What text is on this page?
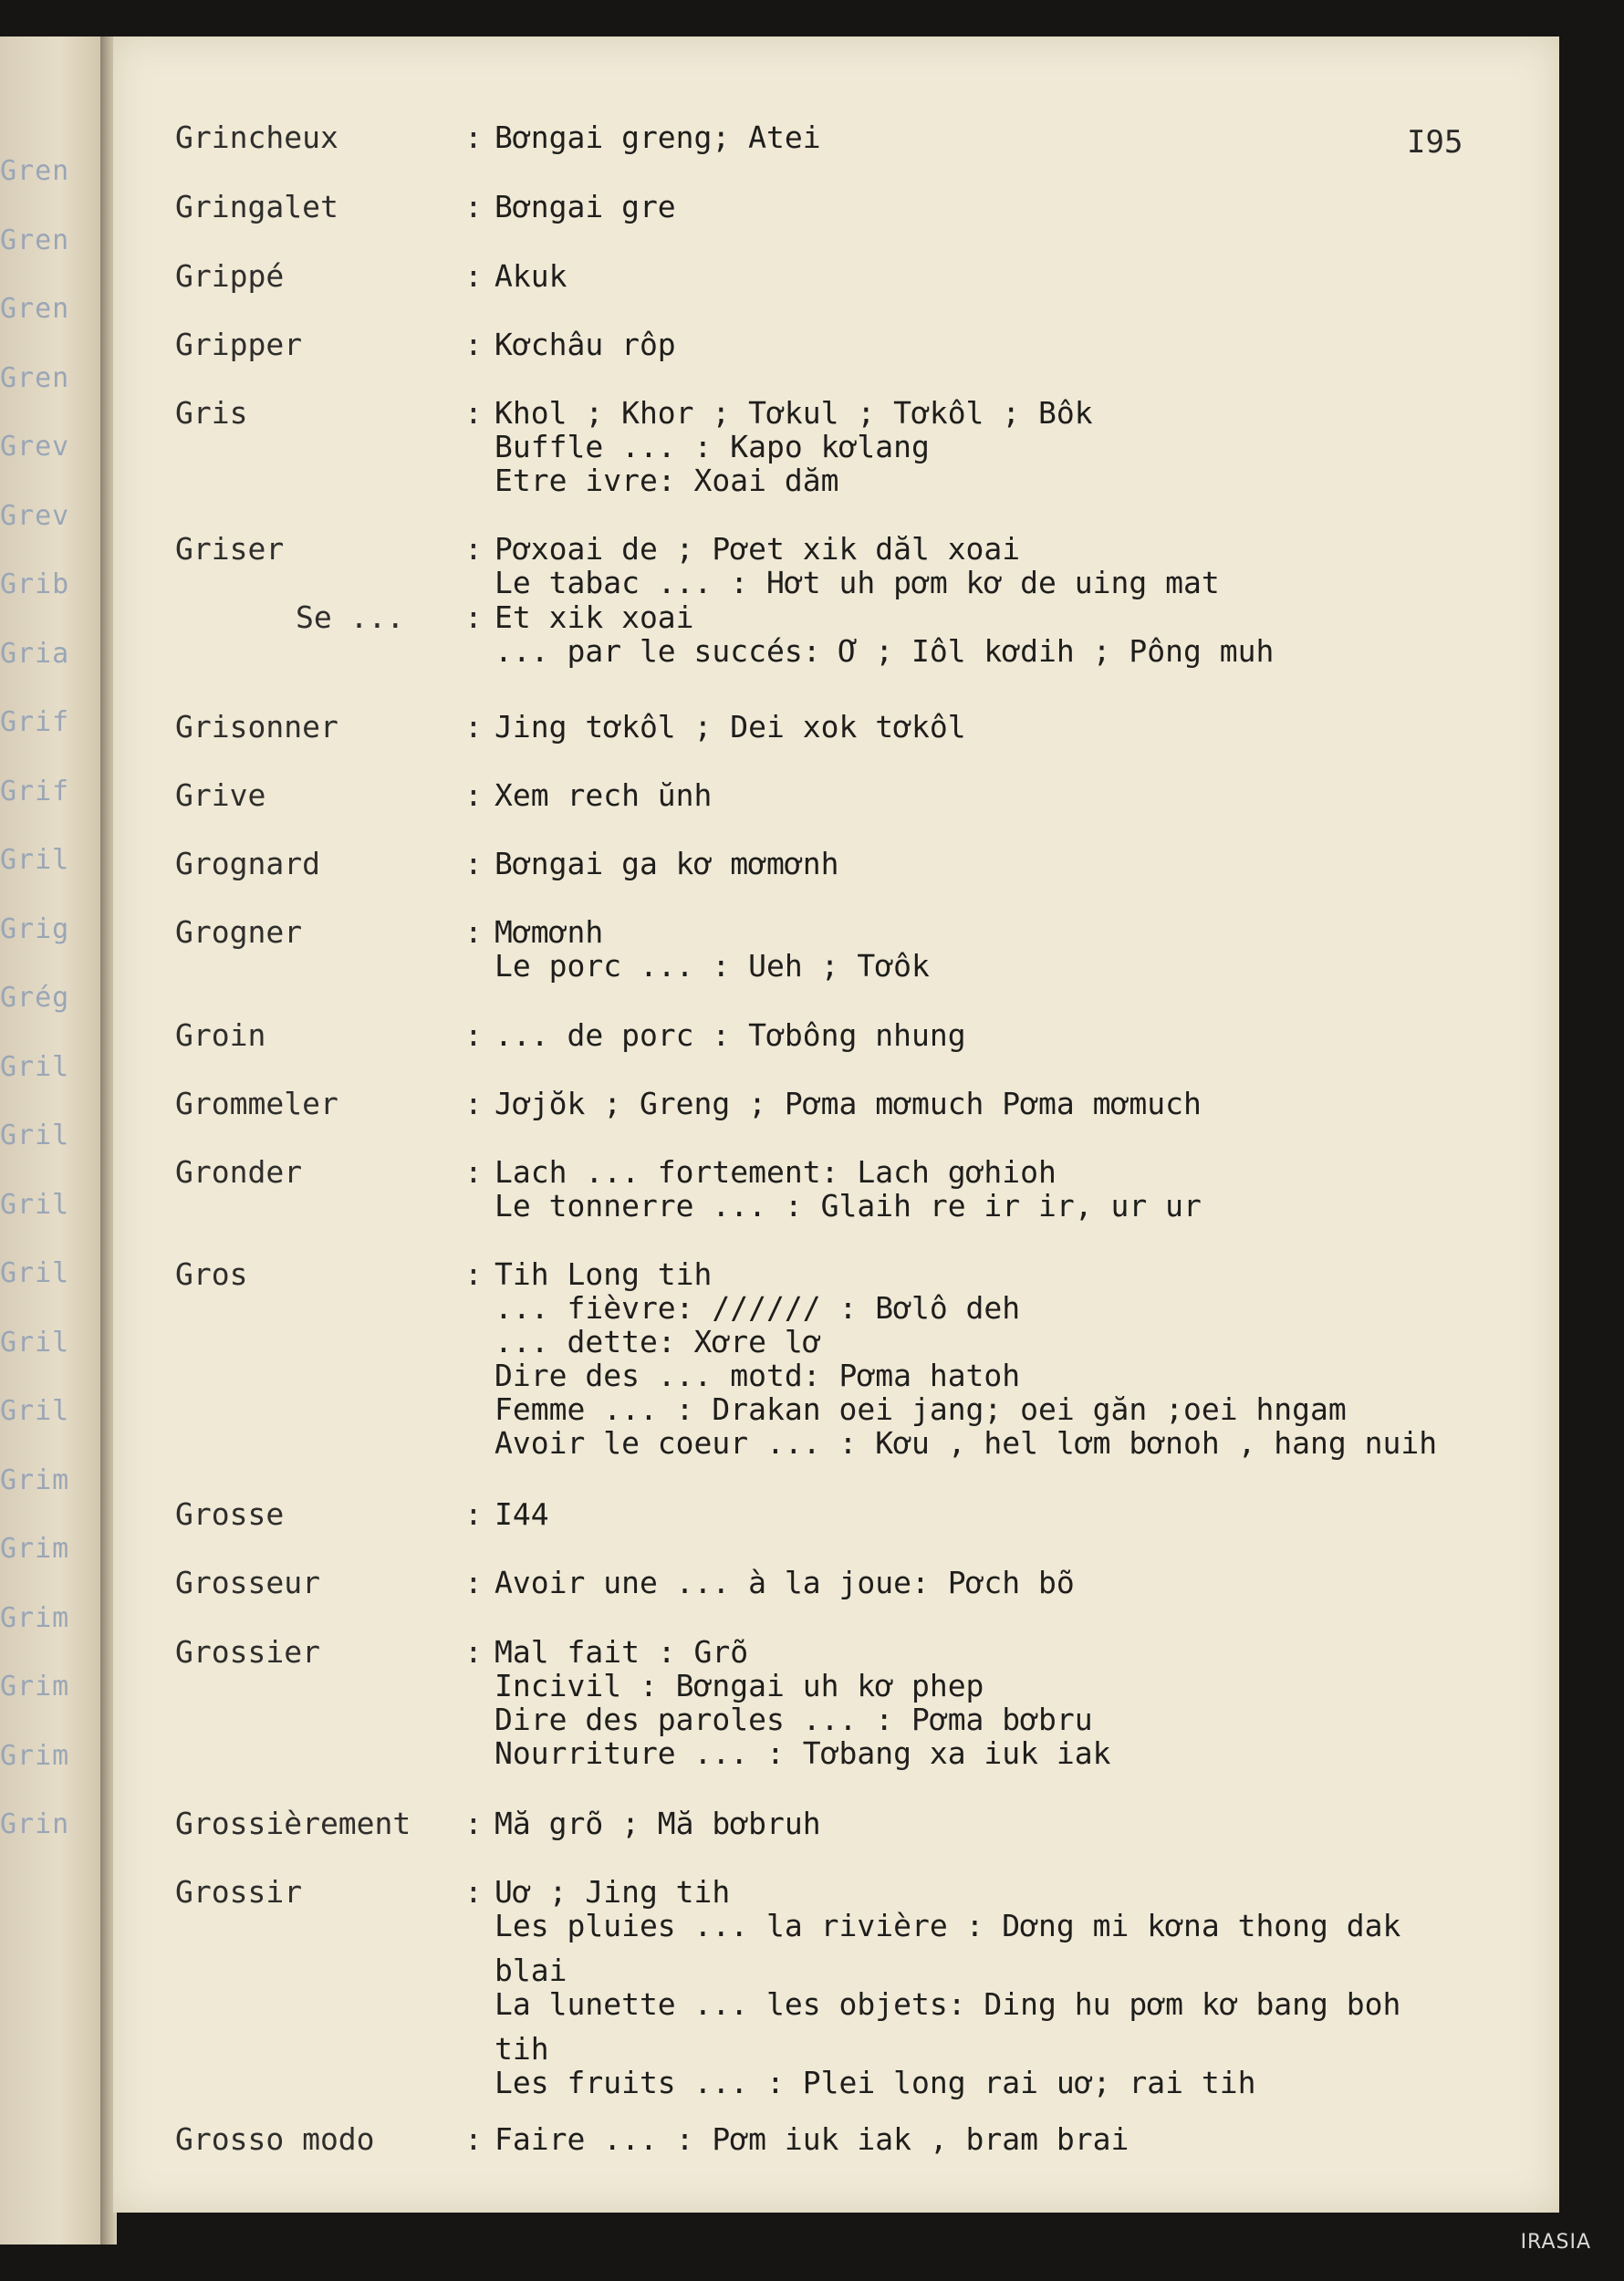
Gren
Gren
Gren
Gren
Grev
Grev
Grib
Gria
Grif
Grif
Gril
Grig
Grég
Gril
Gril
Gril
Gril
Gril
Gril
Grim
Grim
Grim
Grim
Grim
Grin
I95
Grincheux	: Bơngai greng; Atei
Gringalet	: Bơngai gre
Grippé	: Akuk
Gripper	: Kơchâu rôp
Gris	: Khol ; Khor ; Tơkul ; Tơkôl ; Bôk
Buffle ... : Kapo kơlang
Etre ivre: Xoai dăm
Griser	: Pơxoai de ; Pơet xik dăl xoai
Le tabac ... : Hơt uh pơm kơ de uing mat
Se ... : Et xik xoai
... par le succés: Ơ ; Iôl kơdih ; Pông muh
Grisonner	: Jing tơkôl ; Dei xok tơkôl
Grive	: Xem rech ŭnh
Grognard	: Bơngai ga kơ mơmơnh
Grogner	: Mơmơnh
Le porc ... : Ueh ; Tơôk
Groin	: ... de porc : Tơbông nhung
Grommeler	: Jơjŏk ; Greng ; Pơma mơmuch Pơma mơmuch
Gronder	: Lach ... fortement: Lach gơhioh
Le tonnerre ... : Glaih re ir ir, ur ur
Gros	: Tih Long tih
... fièvre: ////// : Bơlô deh
... dette: Xơre lơ
Dire des ... motd: Pơma hatoh
Femme ... : Drakan oei jang; oei găn ;oei hngam
Avoir le coeur ... : Kơu , hel lơm bơnoh , hang nuih
Grosse	: I44
Grosseur	: Avoir une ... à la joue: Pơch bõ
Grossier	: Mal fait : Grõ
Incivil : Bơngai uh kơ phep
Dire des paroles ... : Pơma bơbru
Nourriture ... : Tơbang xa iuk iak
Grossièrement : Mă grõ ; Mă bơbruh
Grossir	: Uơ ; Jing tih
Les pluies ... la rivière : Dơng mi kơna thong dak
blai
La lunette ... les objets: Ding hu pơm kơ bang boh
tih
Les fruits ... : Plei long rai uơ; rai tih
Grosso modo	: Faire ... : Pơm iuk iak , bram brai
IRASIA
